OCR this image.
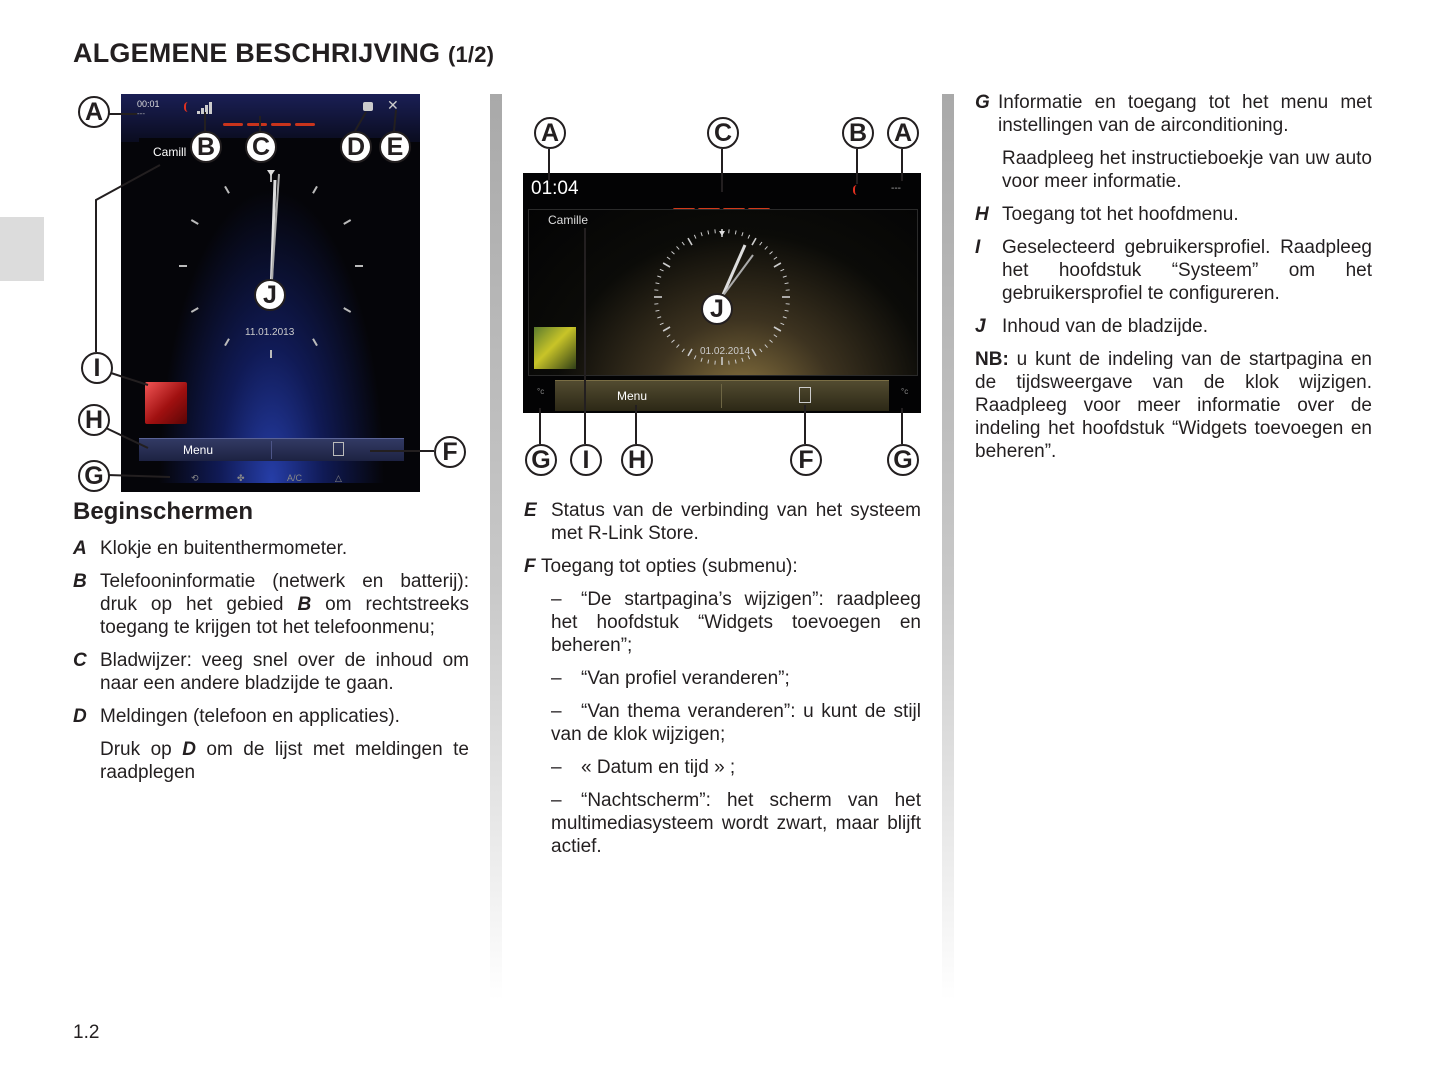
ALGEMENE BESCHRIJVING (1/2)
00:01
---
✕
Camill
11.01.2013
Menu
⟲	✤	A/C	△
01:04	---
Camille
01.02.2014
°c	Menu	°c
A
B C	D E
I
H
F
G
J
A	C	B A
J
G	I	H	F	G
Beginschermen
A Klokje en buitenthermometer.
B Telefooninformatie (netwerk en batterij): druk op het gebied B om rechtstreeks toegang te krijgen tot het telefoonmenu;
C Bladwijzer: veeg snel over de inhoud om naar een andere bladzijde te gaan.
D Meldingen (telefoon en applicaties).
Druk op D om de lijst met meldingen te raadplegen
E Status van de verbinding van het systeem met R-Link Store.
F Toegang tot opties (submenu):
– “De startpagina’s wijzigen”: raadpleeg het hoofdstuk “Widgets toevoegen en beheren”;
– “Van profiel veranderen”;
– “Van thema veranderen”: u kunt de stijl van de klok wijzigen;
– « Datum en tijd » ;
– “Nachtscherm”: het scherm van het multimediasysteem wordt zwart, maar blijft actief.
G Informatie en toegang tot het menu met instellingen van de airconditioning.
Raadpleeg het instructieboekje van uw auto voor meer informatie.
H Toegang tot het hoofdmenu.
I	Geselecteerd gebruikersprofiel. Raadpleeg het hoofdstuk “Systeem” om het gebruikersprofiel te configureren.
J Inhoud van de bladzijde.

NB: u kunt de indeling van de startpagina en de tijdsweergave van de klok wijzigen. Raadpleeg voor meer informatie over de indeling het hoofdstuk “Widgets toevoegen en beheren”.

1.2
